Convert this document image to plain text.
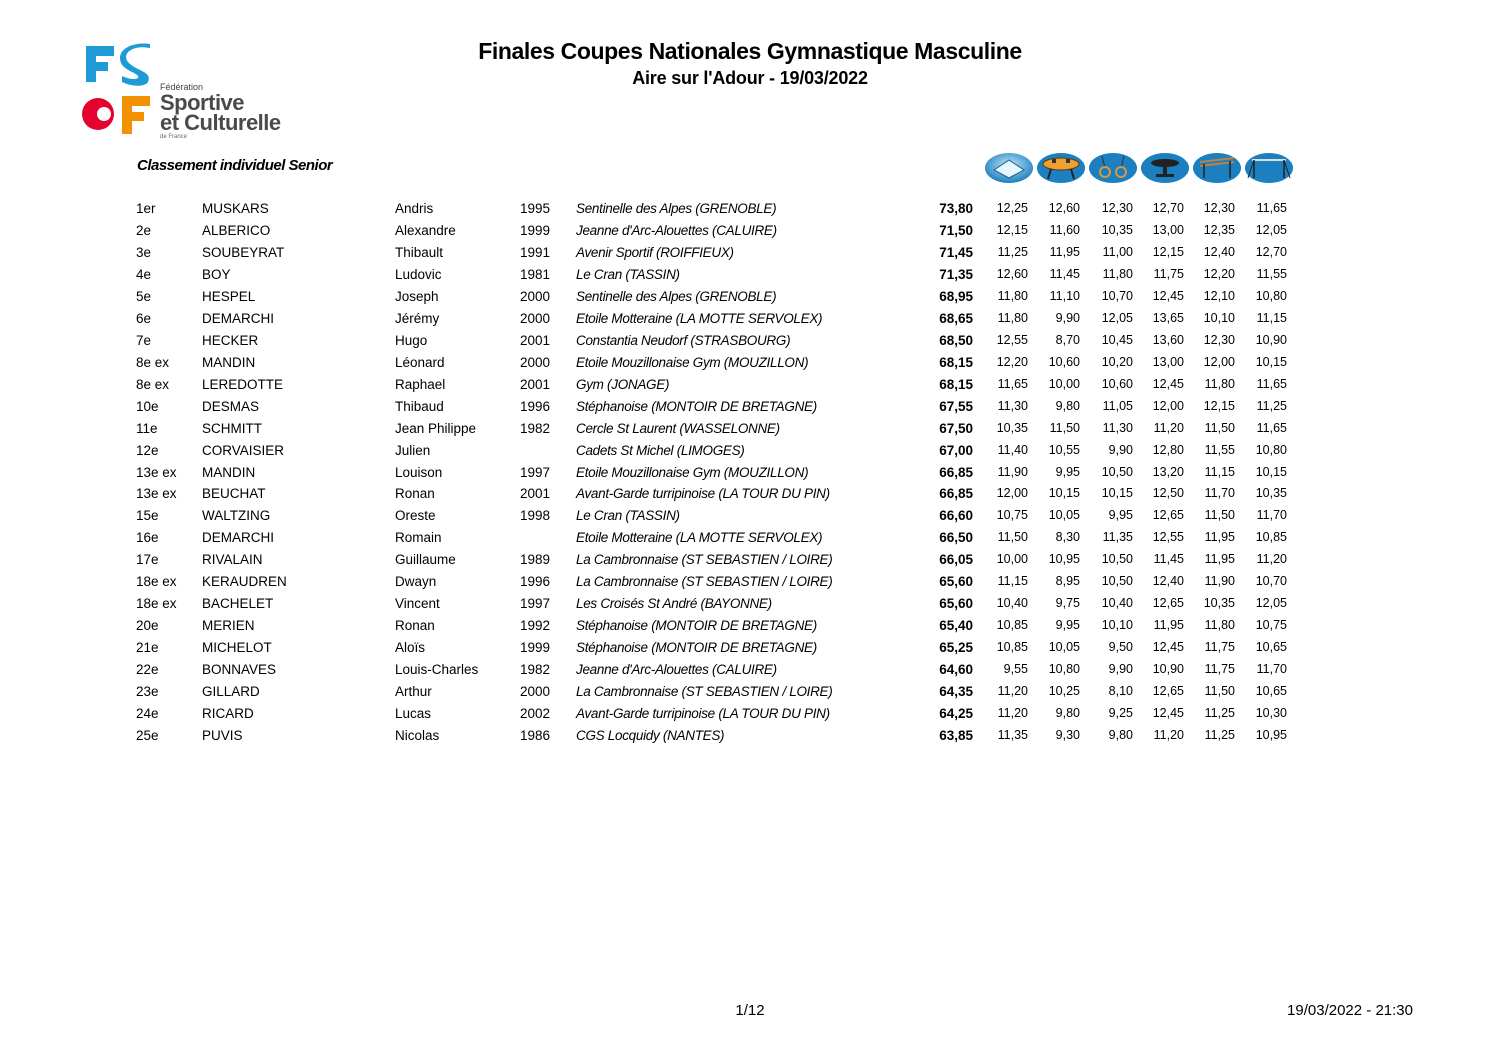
Fédération
Sportive
et Culturelle
de France
Finales Coupes Nationales Gymnastique Masculine
Aire sur l'Adour - 19/03/2022
Classement individuel Senior
1er	MUSKARS	Andris	1995 Sentinelle des Alpes (GRENOBLE)	73,80	12,25	12,60	12,30	12,70	12,30	11,65
2e	ALBERICO	Alexandre	1999 Jeanne d'Arc-Alouettes (CALUIRE)	71,50	12,15	11,60	10,35	13,00	12,35	12,05
3e	SOUBEYRAT	Thibault	1991 Avenir Sportif (ROIFFIEUX)	71,45	11,25	11,95	11,00	12,15	12,40	12,70
4e	BOY	Ludovic	1981 Le Cran (TASSIN)	71,35	12,60	11,45	11,80	11,75	12,20	11,55
5e	HESPEL	Joseph	2000 Sentinelle des Alpes (GRENOBLE)	68,95	11,80	11,10	10,70	12,45	12,10	10,80
6e	DEMARCHI	Jérémy	2000 Etoile Motteraine (LA MOTTE SERVOLEX)	68,65	11,80	9,90	12,05	13,65	10,10	11,15
7e	HECKER	Hugo	2001 Constantia Neudorf (STRASBOURG)	68,50	12,55	8,70	10,45	13,60	12,30	10,90
8e ex MANDIN	Léonard	2000 Etoile Mouzillonaise Gym (MOUZILLON)	68,15	12,20	10,60	10,20	13,00	12,00	10,15
8e ex LEREDOTTE	Raphael	2001 Gym (JONAGE)	68,15	11,65	10,00	10,60	12,45	11,80	11,65
10e	DESMAS	Thibaud	1996 Stéphanoise (MONTOIR DE BRETAGNE)	67,55	11,30	9,80	11,05	12,00	12,15	11,25
11e	SCHMITT	Jean Philippe	1982 Cercle St Laurent (WASSELONNE)	67,50	10,35	11,50	11,30	11,20	11,50	11,65
12e	CORVAISIER	Julien	Cadets St Michel (LIMOGES)	67,00	11,40	10,55	9,90	12,80	11,55	10,80
13e ex MANDIN	Louison	1997 Etoile Mouzillonaise Gym (MOUZILLON)	66,85	11,90	9,95	10,50	13,20	11,15	10,15
13e ex BEUCHAT	Ronan	2001 Avant-Garde turripinoise (LA TOUR DU PIN)	66,85	12,00	10,15	10,15	12,50	11,70	10,35
15e	WALTZING	Oreste	1998 Le Cran (TASSIN)	66,60	10,75	10,05	9,95	12,65	11,50	11,70
16e	DEMARCHI	Romain	Etoile Motteraine (LA MOTTE SERVOLEX)	66,50	11,50	8,30	11,35	12,55	11,95	10,85
17e	RIVALAIN	Guillaume	1989 La Cambronnaise (ST SEBASTIEN / LOIRE)	66,05	10,00	10,95	10,50	11,45	11,95	11,20
18e ex KERAUDREN	Dwayn	1996 La Cambronnaise (ST SEBASTIEN / LOIRE)	65,60	11,15	8,95	10,50	12,40	11,90	10,70
18e ex BACHELET	Vincent	1997 Les Croisés St André (BAYONNE)	65,60	10,40	9,75	10,40	12,65	10,35	12,05
20e	MERIEN	Ronan	1992 Stéphanoise (MONTOIR DE BRETAGNE)	65,40	10,85	9,95	10,10	11,95	11,80	10,75
21e	MICHELOT	Aloïs	1999 Stéphanoise (MONTOIR DE BRETAGNE)	65,25	10,85	10,05	9,50	12,45	11,75	10,65
22e	BONNAVES	Louis-Charles	1982 Jeanne d'Arc-Alouettes (CALUIRE)	64,60	9,55	10,80	9,90	10,90	11,75	11,70
23e	GILLARD	Arthur	2000 La Cambronnaise (ST SEBASTIEN / LOIRE)	64,35	11,20	10,25	8,10	12,65	11,50	10,65
24e	RICARD	Lucas	2002 Avant-Garde turripinoise (LA TOUR DU PIN)	64,25	11,20	9,80	9,25	12,45	11,25	10,30
25e	PUVIS	Nicolas	1986 CGS Locquidy (NANTES)	63,85	11,35	9,30	9,80	11,20	11,25	10,95
1/12	19/03/2022 - 21:30
